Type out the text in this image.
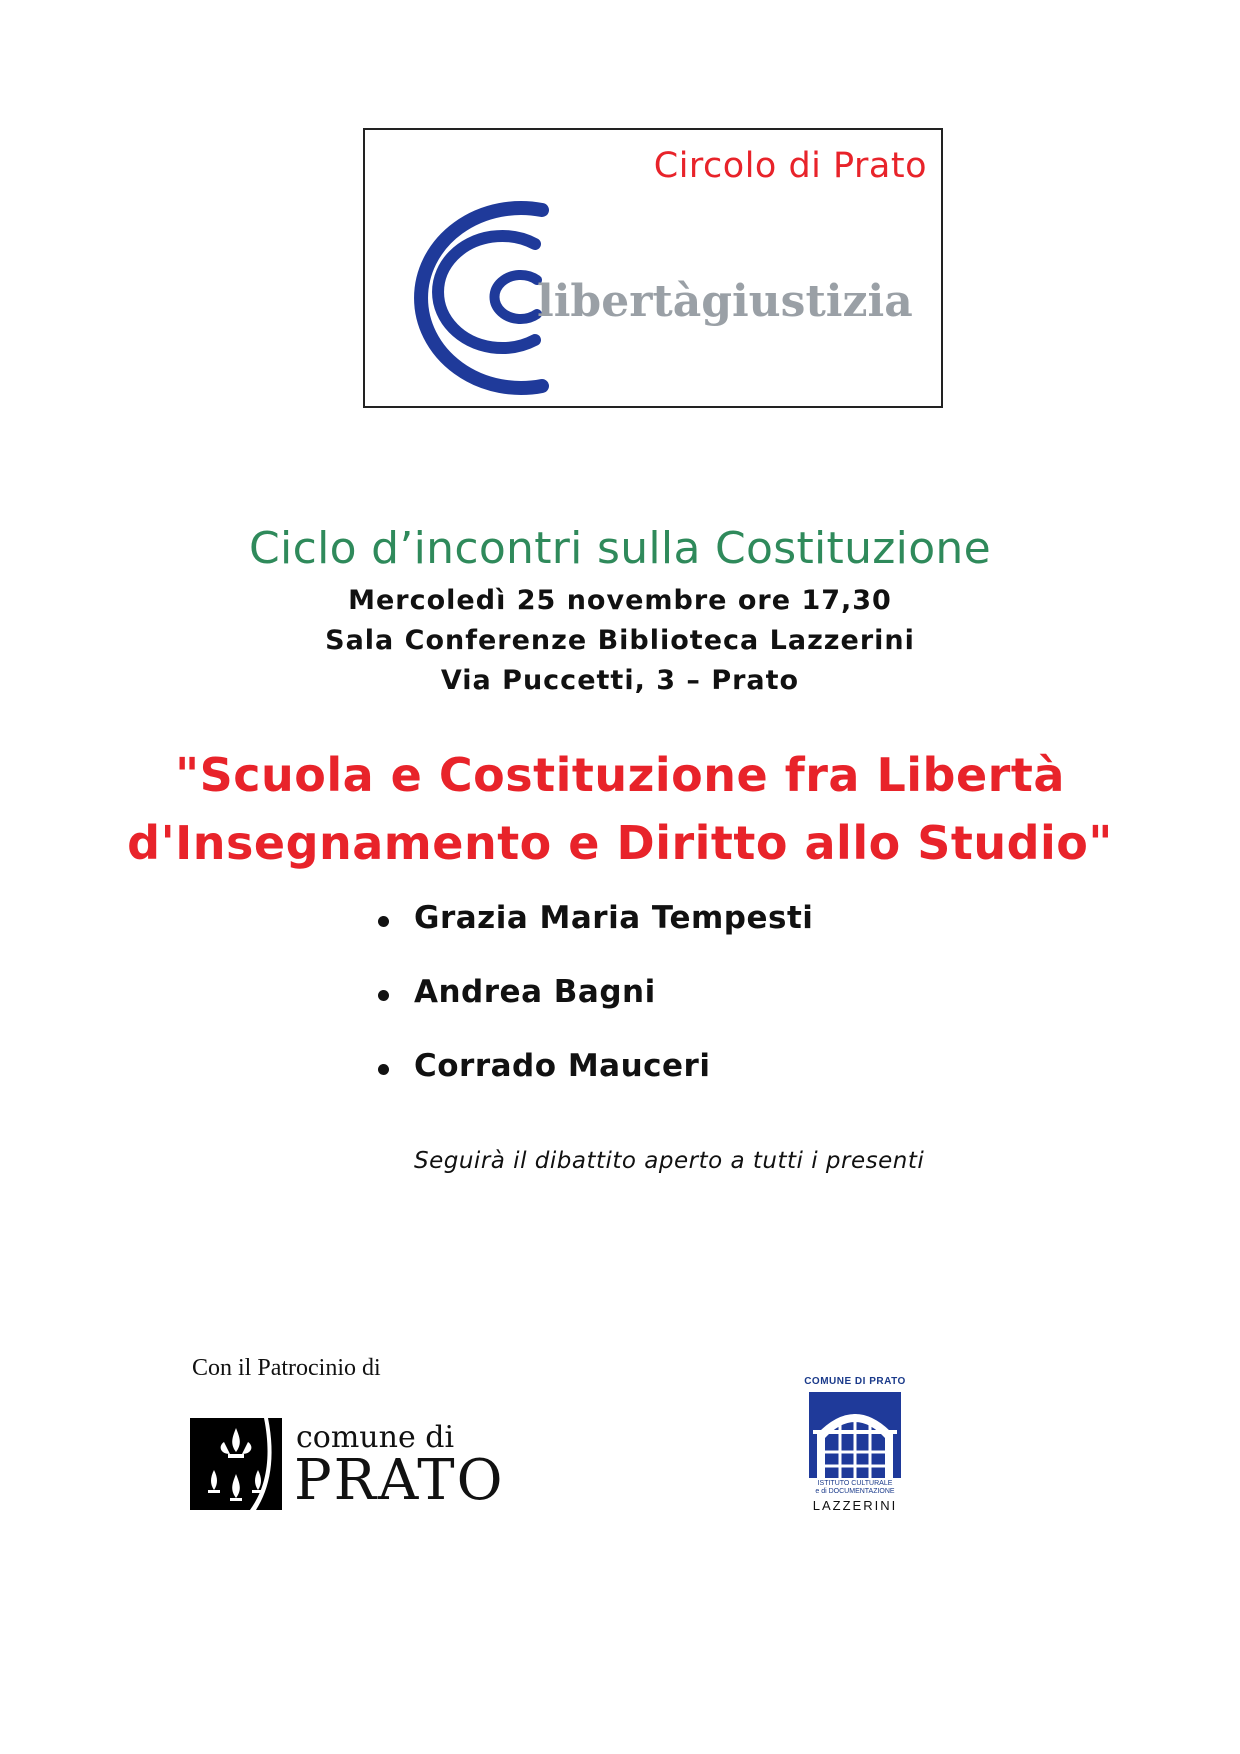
Circolo di Prato
libertàgiustizia
Ciclo d’incontri sulla Costituzione
Mercoledì 25 novembre ore 17,30
Sala Conferenze Biblioteca Lazzerini
Via Puccetti, 3 – Prato
"Scuola e Costituzione fra Libertà
d'Insegnamento e Diritto allo Studio"
Grazia Maria Tempesti
Andrea Bagni
Corrado Mauceri
Seguirà il dibattito aperto a tutti i presenti
Con il Patrocinio di
comune di
PRATO
COMUNE DI PRATO
ISTITUTO CULTURALE
e di DOCUMENTAZIONE
LAZZERINI
